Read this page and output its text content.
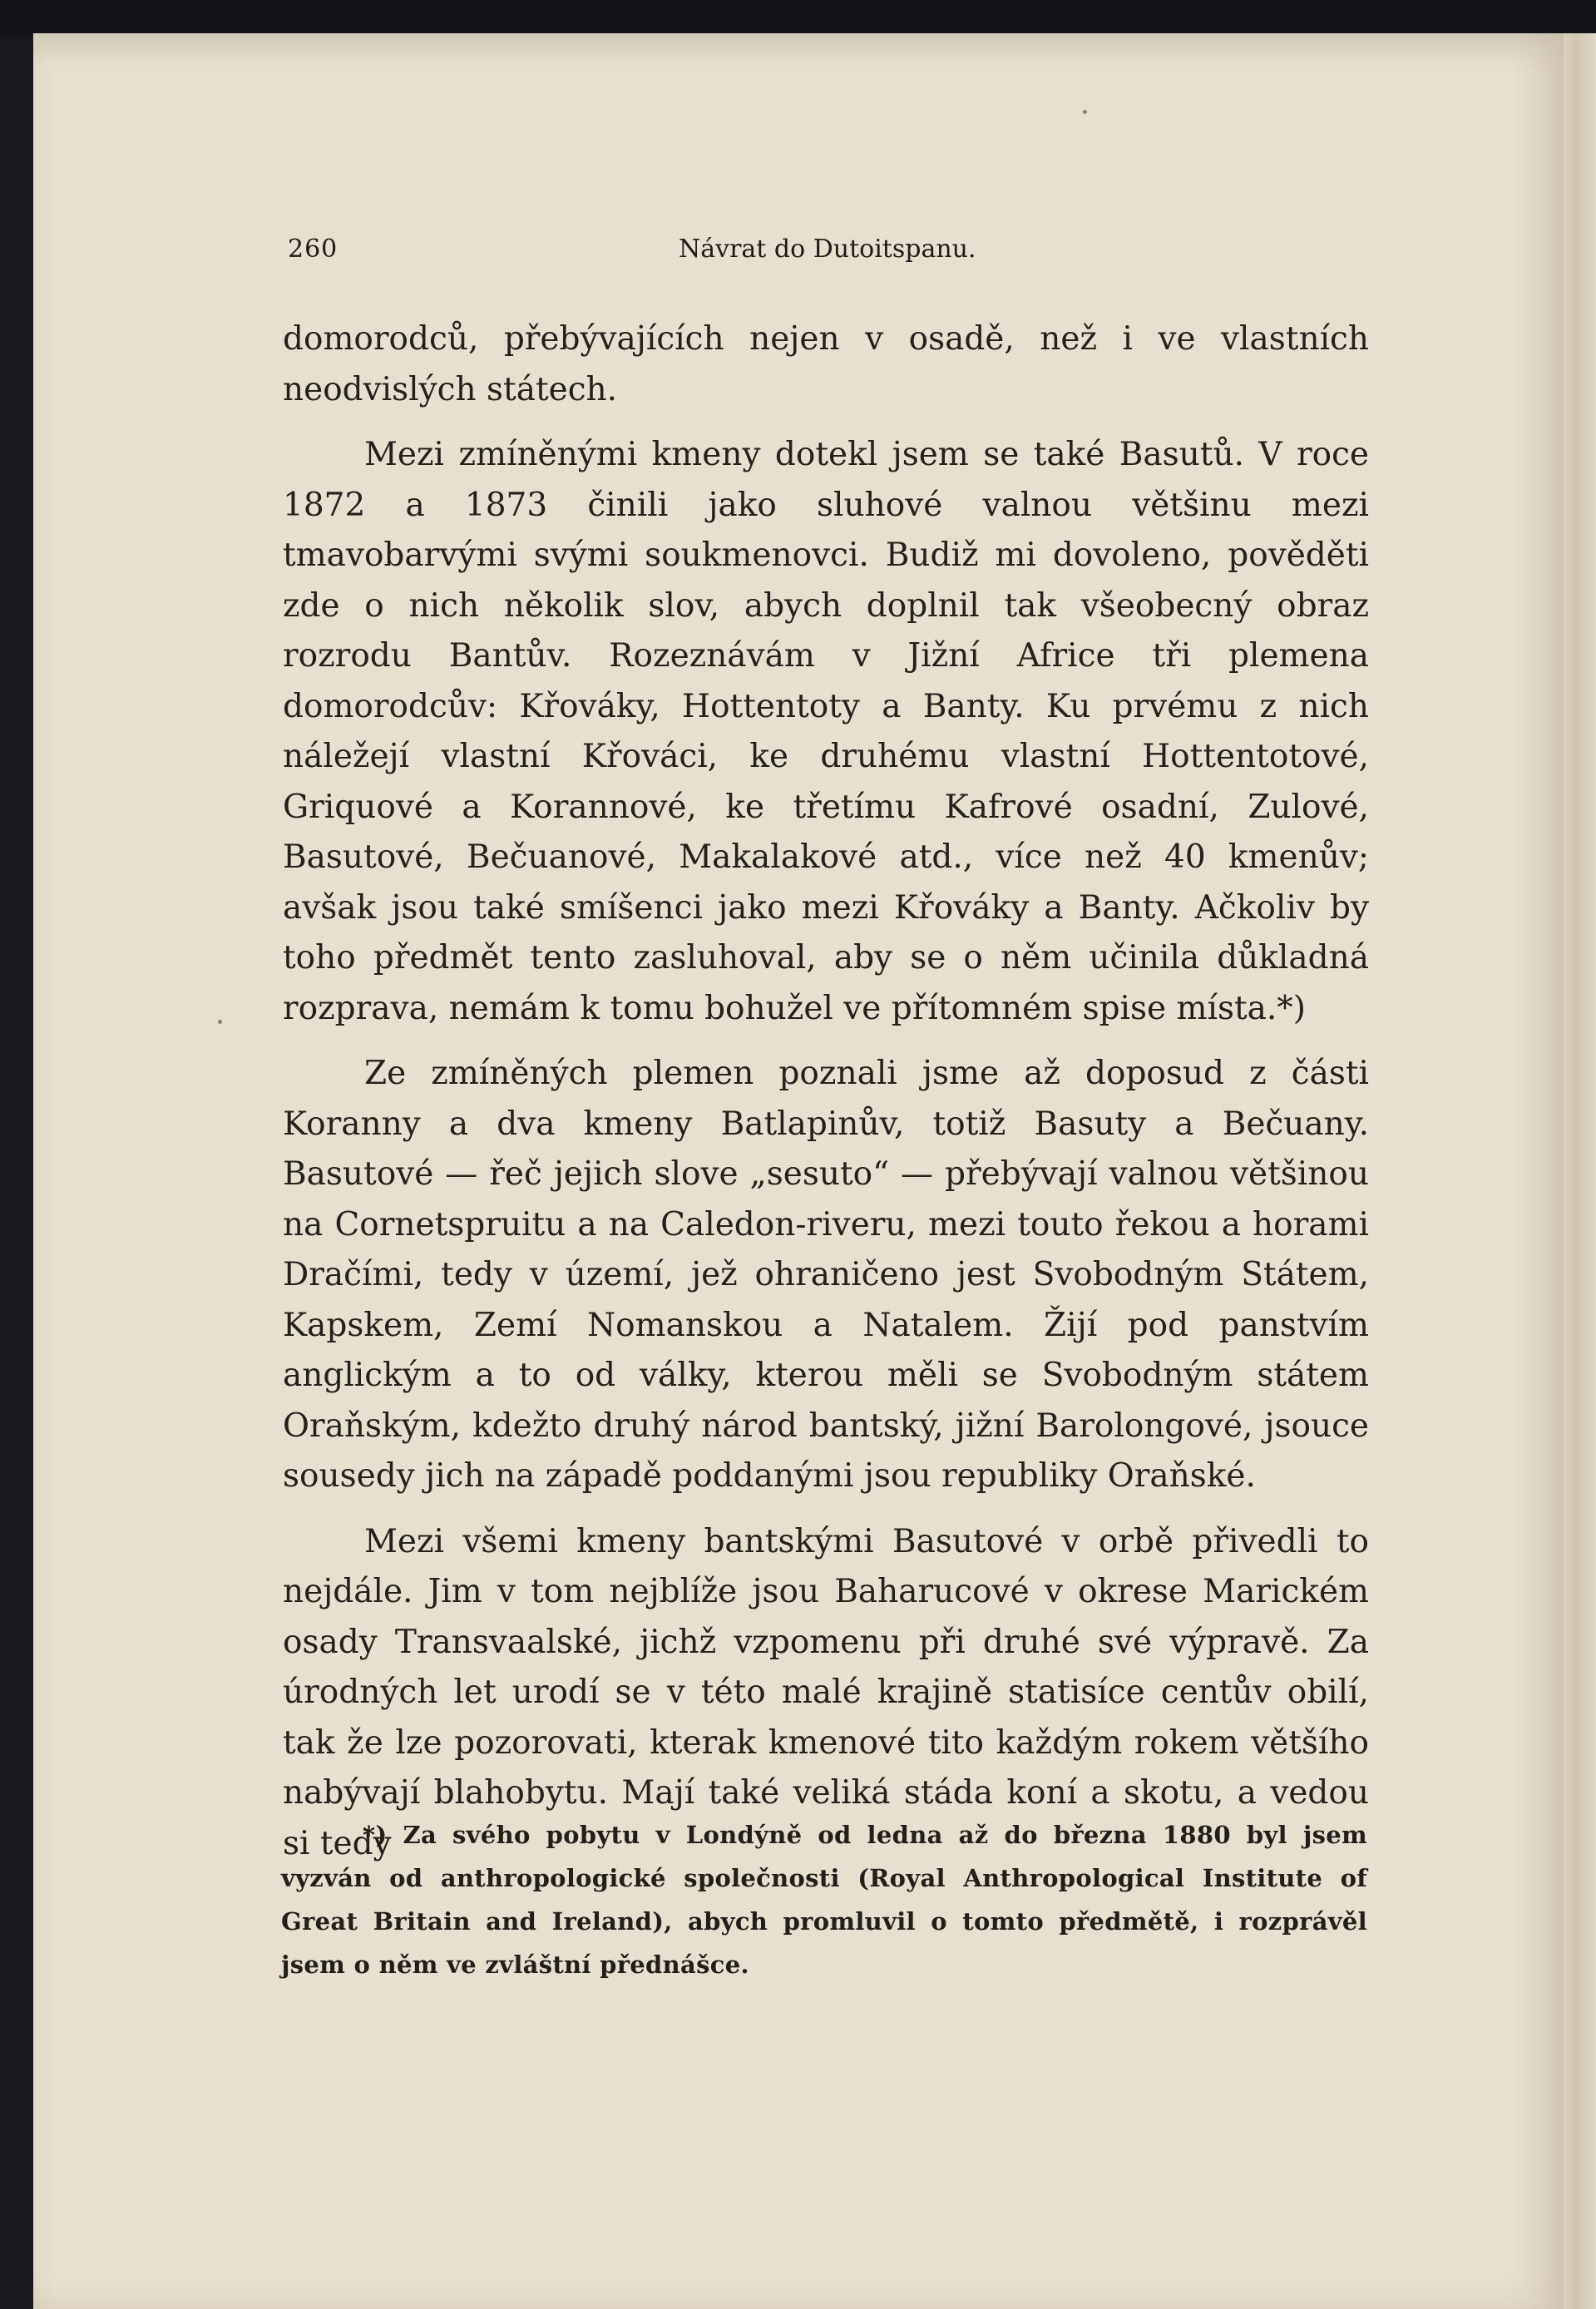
260	Návrat do Dutoitspanu.

domorodců, přebývajících nejen v osadě, než i ve vlastních neodvislých státech.

Mezi zmíněnými kmeny dotekl jsem se také Basutů. V roce 1872 a 1873 činili jako sluhové valnou většinu mezi tmavobarvými svými soukmenovci. Budiž mi dovoleno, pověděti zde o nich několik slov, abych doplnil tak všeobecný obraz rozrodu Bantův. Rozeznávám v Jižní Africe tři plemena domorodcův: Křováky, Hottentoty a Banty. Ku prvému z nich náležejí vlastní Křováci, ke druhému vlastní Hottentotové, Griquové a Korannové, ke třetímu Kafrové osadní, Zulové, Basutové, Bečuanové, Makalakové atd., více než 40 kmenův; avšak jsou také smíšenci jako mezi Křováky a Banty. Ačkoliv by toho předmět tento zasluhoval, aby se o něm učinila důkladná rozprava, nemám k tomu bohužel ve přítomném spise místa.*)

Ze zmíněných plemen poznali jsme až doposud z části Koranny a dva kmeny Batlapinův, totiž Basuty a Bečuany. Basutové — řeč jejich slove „sesuto“ — přebývají valnou většinou na Cornetspruitu a na Caledon-riveru, mezi touto řekou a horami Dračími, tedy v území, jež ohraničeno jest Svobodným Státem, Kapskem, Zemí Nomanskou a Natalem. Žijí pod panstvím anglickým a to od války, kterou měli se Svobodným státem Oraňským, kdežto druhý národ bantský, jižní Barolongové, jsouce sousedy jich na západě poddanými jsou republiky Oraňské.

Mezi všemi kmeny bantskými Basutové v orbě přivedli to nejdále. Jim v tom nejblíže jsou Baharucové v okrese Marickém osady Transvaalské, jichž vzpomenu při druhé své výpravě. Za úrodných let urodí se v této malé krajině statisíce centův obilí, tak že lze pozorovati, kterak kmenové tito každým rokem většího nabývají blahobytu. Mají také veliká stáda koní a skotu, a vedou si tedy

*) Za svého pobytu v Londýně od ledna až do března 1880 byl jsem vyzván od anthropologické společnosti (Royal Anthropological Institute of Great Britain and Ireland), abych promluvil o tomto předmětě, i rozprávěl jsem o něm ve zvláštní přednášce.
